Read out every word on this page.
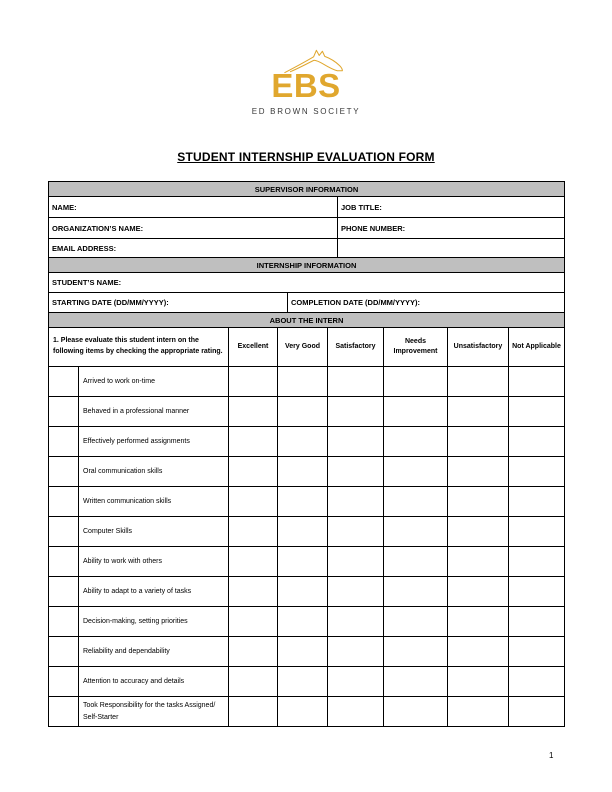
EBS
ED BROWN SOCIETY
STUDENT INTERNSHIP EVALUATION FORM
SUPERVISOR INFORMATION	
NAME:	JOB TITLE:
ORGANIZATION’S NAME:	PHONE NUMBER:
EMAIL ADDRESS:	
INTERNSHIP INFORMATION
STUDENT’S NAME:
STARTING DATE (DD/MM/YYYY):	COMPLETION DATE (DD/MM/YYYY):
ABOUT THE INTERN							
1. Please evaluate this student intern on the following items by checking the appropriate rating.		Excellent	Very Good	Satisfactory	Needs Improvement	Unsatisfactory	Not Applicable
	Arrived to work on-time						
	Behaved in a professional manner						
	Effectively performed assignments						
	Oral communication skills						
	Written communication skills						
	Computer Skills						
	Ability to work with others						
	Ability to adapt to a variety of tasks						
	Decision-making, setting priorities						
	Reliability and dependability						
	Attention to accuracy and details						
	Took Responsibility for the tasks Assigned/ Self-Starter						
1
